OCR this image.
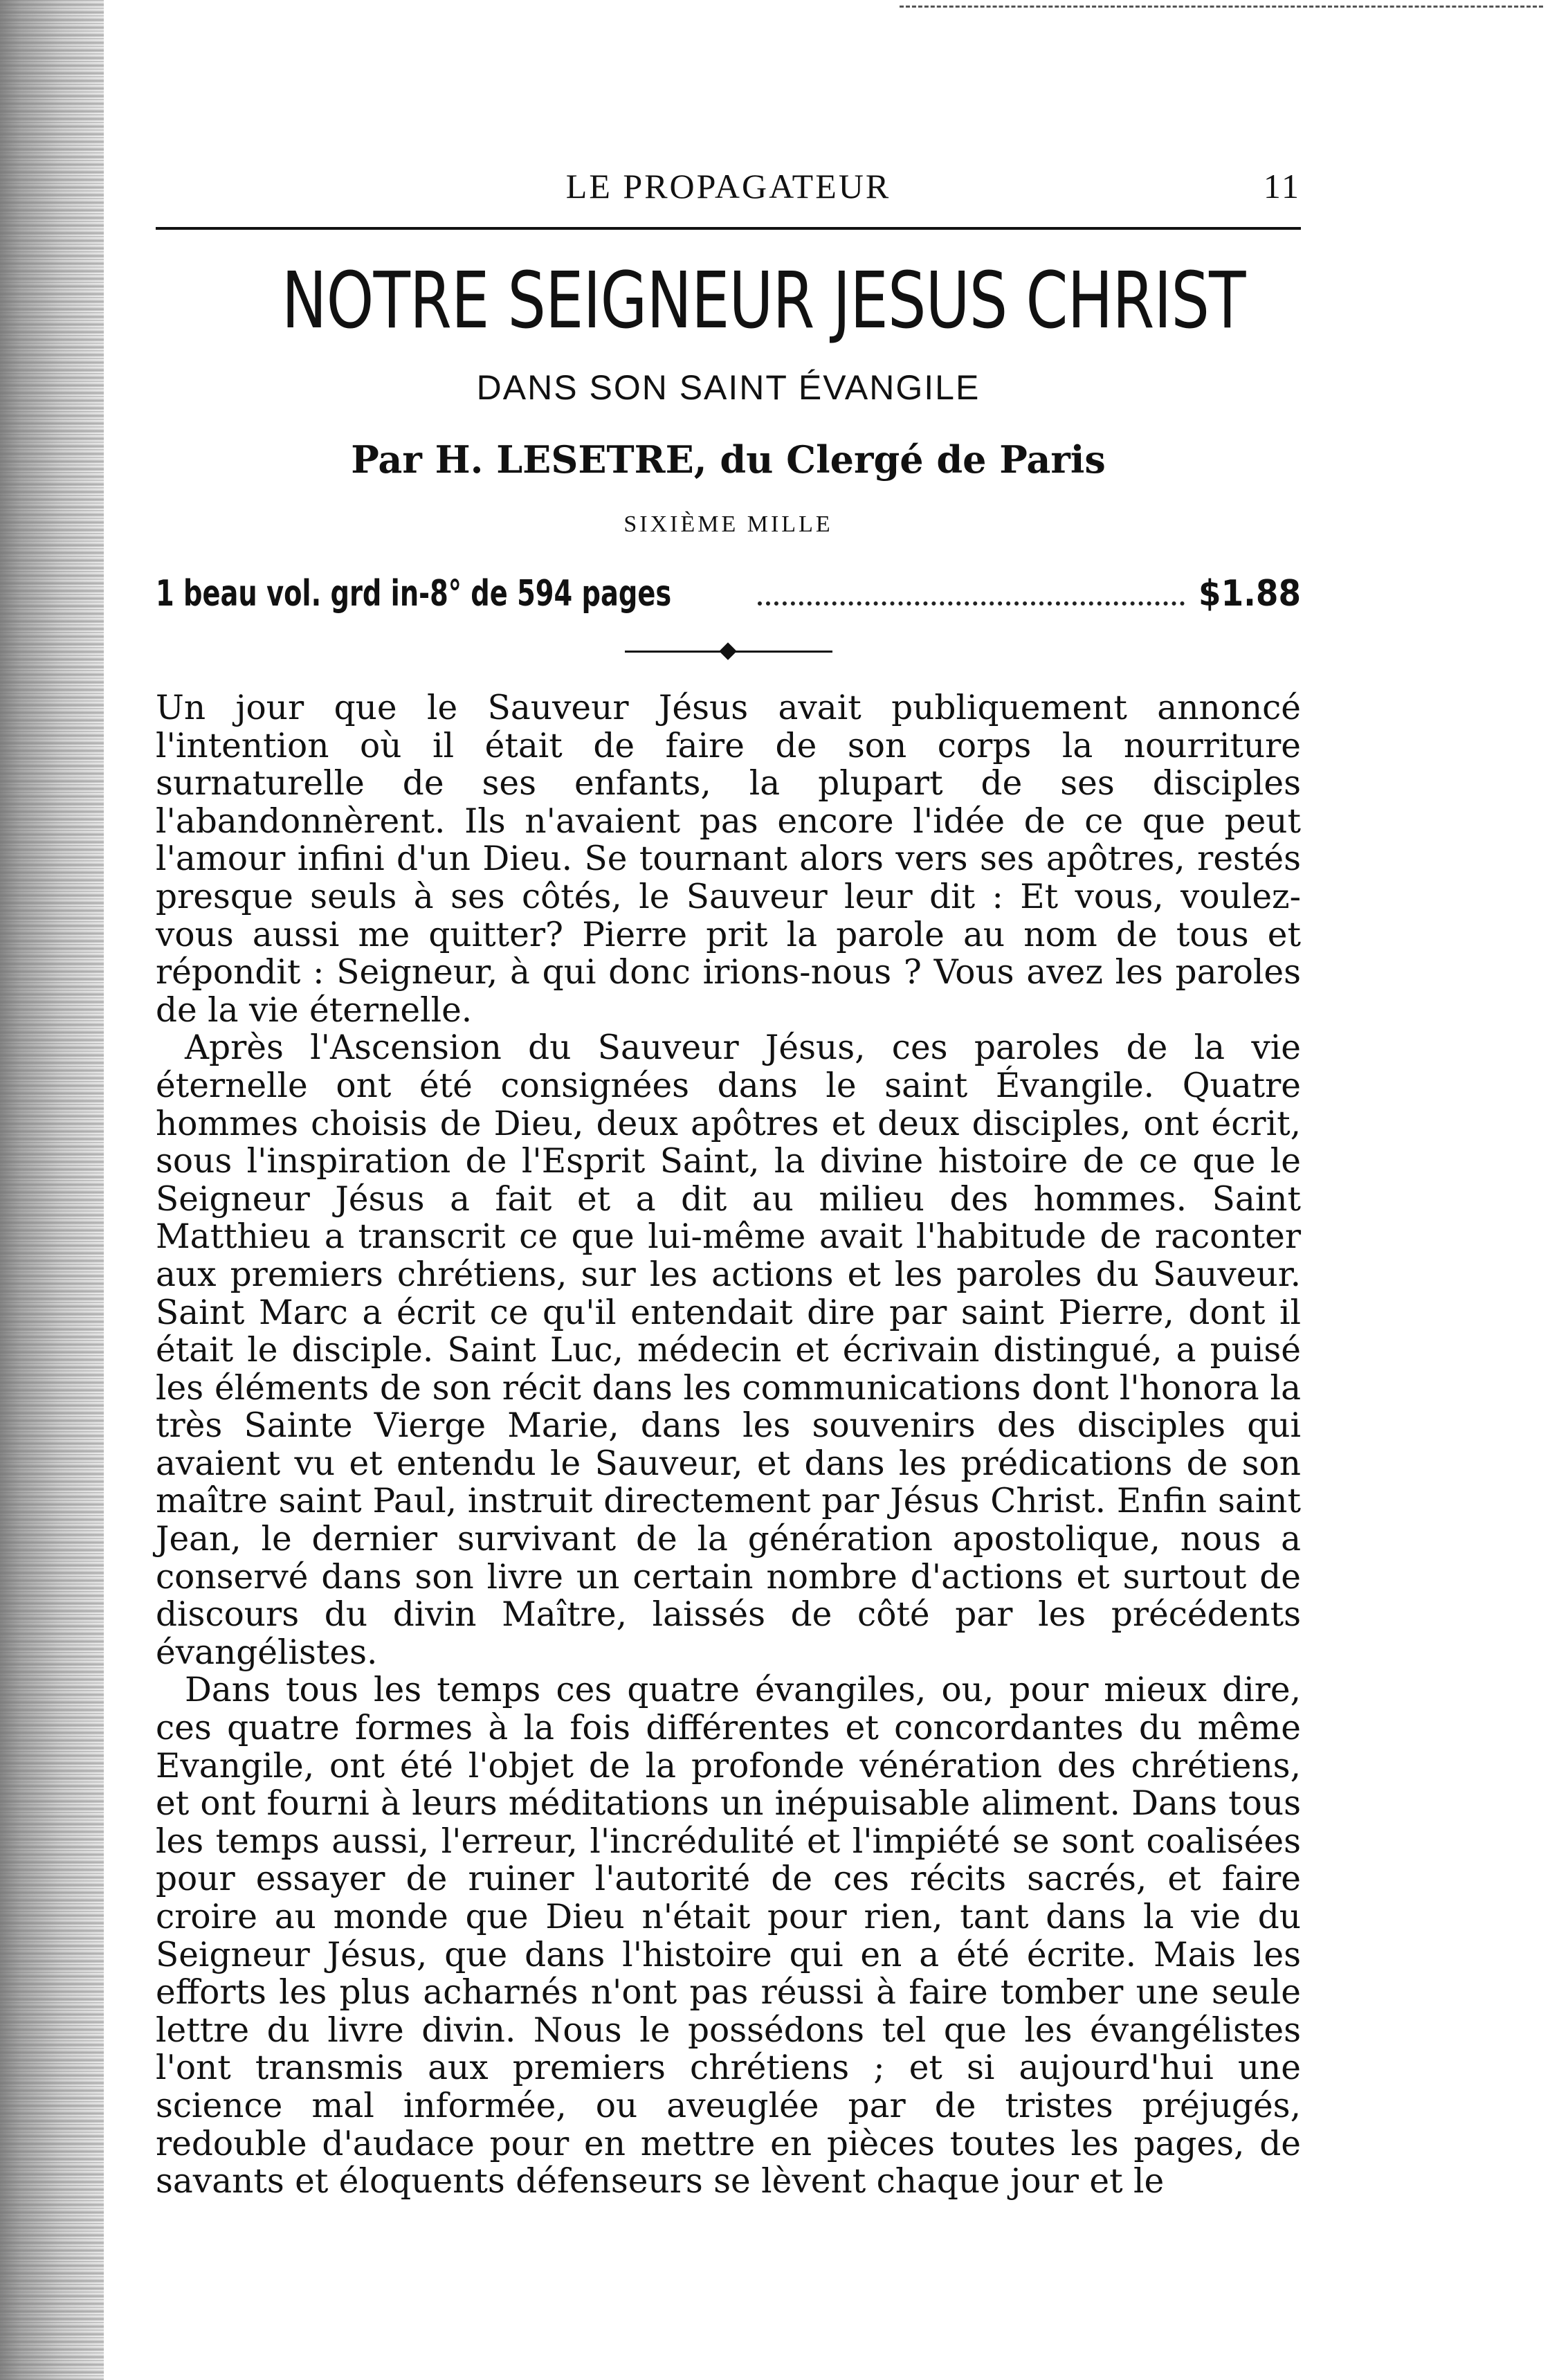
LE PROPAGATEUR	11
NOTRE SEIGNEUR JESUS CHRIST
DANS SON SAINT ÉVANGILE
Par H. LESETRE, du Clergé de Paris
SIXIÈME MILLE
1 beau vol. grd in-8° de 594 pages	$1.88

Un jour que le Sauveur Jésus avait publiquement annoncé l'intention où il était de faire de son corps la nourriture surnaturelle de ses enfants, la plupart de ses disciples l'abandonnèrent. Ils n'avaient pas encore l'idée de ce que peut l'amour infini d'un Dieu. Se tournant alors vers ses apôtres, restés presque seuls à ses côtés, le Sauveur leur dit : Et vous, voulez-vous aussi me quitter? Pierre prit la parole au nom de tous et répondit : Seigneur, à qui donc irions-nous ? Vous avez les paroles de la vie éternelle.

Après l'Ascension du Sauveur Jésus, ces paroles de la vie éternelle ont été consignées dans le saint Évangile. Quatre hommes choisis de Dieu, deux apôtres et deux disciples, ont écrit, sous l'inspiration de l'Esprit Saint, la divine histoire de ce que le Seigneur Jésus a fait et a dit au milieu des hommes. Saint Matthieu a transcrit ce que lui-même avait l'habitude de raconter aux premiers chrétiens, sur les actions et les paroles du Sauveur. Saint Marc a écrit ce qu'il entendait dire par saint Pierre, dont il était le disciple. Saint Luc, médecin et écrivain distingué, a puisé les éléments de son récit dans les communications dont l'honora la très Sainte Vierge Marie, dans les souvenirs des disciples qui avaient vu et entendu le Sauveur, et dans les prédications de son maître saint Paul, instruit directement par Jésus Christ. Enfin saint Jean, le dernier survivant de la génération apostolique, nous a conservé dans son livre un certain nombre d'actions et surtout de discours du divin Maître, laissés de côté par les précédents évangélistes.

Dans tous les temps ces quatre évangiles, ou, pour mieux dire, ces quatre formes à la fois différentes et concordantes du même Evangile, ont été l'objet de la profonde vénération des chrétiens, et ont fourni à leurs méditations un inépuisable aliment. Dans tous les temps aussi, l'erreur, l'incrédulité et l'impiété se sont coalisées pour essayer de ruiner l'autorité de ces récits sacrés, et faire croire au monde que Dieu n'était pour rien, tant dans la vie du Seigneur Jésus, que dans l'histoire qui en a été écrite. Mais les efforts les plus acharnés n'ont pas réussi à faire tomber une seule lettre du livre divin. Nous le possédons tel que les évangélistes l'ont transmis aux premiers chrétiens ; et si aujourd'hui une science mal informée, ou aveuglée par de tristes préjugés, redouble d'audace pour en mettre en pièces toutes les pages, de savants et éloquents défenseurs se lèvent chaque jour et le
